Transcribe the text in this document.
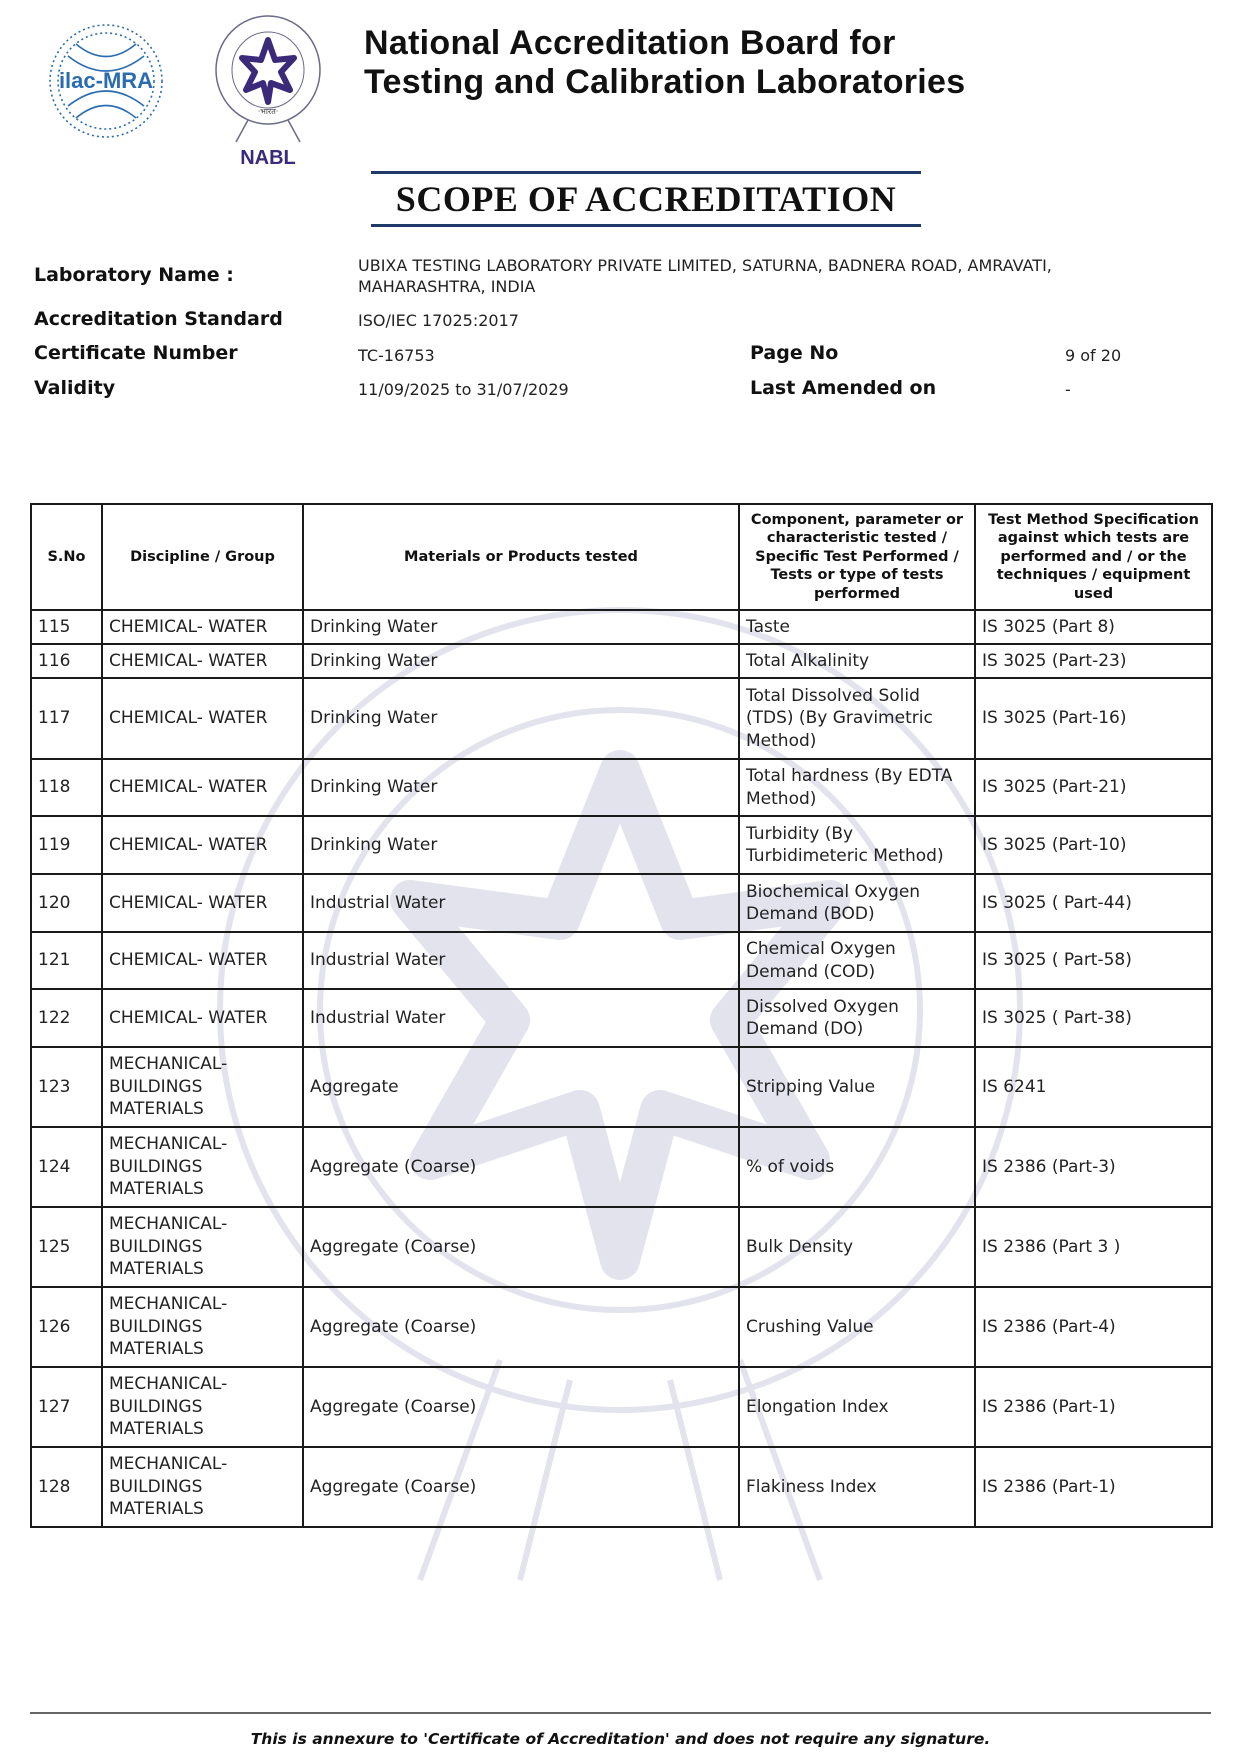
ilac-MRA
·भारत·
NABL
National Accreditation Board for
Testing and Calibration Laboratories
SCOPE OF ACCREDITATION
Laboratory Name :	UBIXA TESTING LABORATORY PRIVATE LIMITED, SATURNA, BADNERA ROAD, AMRAVATI,
MAHARASHTRA, INDIA
Accreditation Standard	ISO/IEC 17025:2017
Certificate Number	TC-16753	Page No	9 of 20
Validity	11/09/2025 to 31/07/2029	Last Amended on	-
S.No	Discipline / Group	Materials or Products tested	Component, parameter or characteristic tested / Specific Test Performed / Tests or type of tests performed	Test Method Specification against which tests are performed and / or the techniques / equipment used
115	CHEMICAL- WATER	Drinking Water	Taste	IS 3025 (Part 8)
116	CHEMICAL- WATER	Drinking Water	Total Alkalinity	IS 3025 (Part-23)
117	CHEMICAL- WATER	Drinking Water	Total Dissolved Solid (TDS) (By Gravimetric Method)	IS 3025 (Part-16)
118	CHEMICAL- WATER	Drinking Water	Total hardness (By EDTA Method)	IS 3025 (Part-21)
119	CHEMICAL- WATER	Drinking Water	Turbidity (By Turbidimeteric Method)	IS 3025 (Part-10)
120	CHEMICAL- WATER	Industrial Water	Biochemical Oxygen Demand (BOD)	IS 3025 ( Part-44)
121	CHEMICAL- WATER	Industrial Water	Chemical Oxygen Demand (COD)	IS 3025 ( Part-58)
122	CHEMICAL- WATER	Industrial Water	Dissolved Oxygen Demand (DO)	IS 3025 ( Part-38)
123	MECHANICAL- BUILDINGS MATERIALS	Aggregate	Stripping Value	IS 6241
124	MECHANICAL- BUILDINGS MATERIALS	Aggregate (Coarse)	% of voids	IS 2386 (Part-3)
125	MECHANICAL- BUILDINGS MATERIALS	Aggregate (Coarse)	Bulk Density	IS 2386 (Part 3 )
126	MECHANICAL- BUILDINGS MATERIALS	Aggregate (Coarse)	Crushing Value	IS 2386 (Part-4)
127	MECHANICAL- BUILDINGS MATERIALS	Aggregate (Coarse)	Elongation Index	IS 2386 (Part-1)
128	MECHANICAL- BUILDINGS MATERIALS	Aggregate (Coarse)	Flakiness Index	IS 2386 (Part-1)
This is annexure to 'Certificate of Accreditation' and does not require any signature.
